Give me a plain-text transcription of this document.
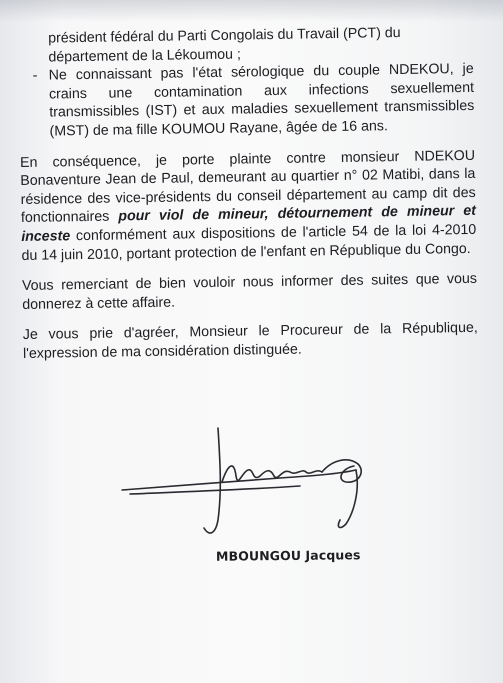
président fédéral du Parti Congolais du Travail (PCT) du

département de la Lékoumou ;

- Ne connaissant pas l'état sérologique du couple NDEKOU, je crains une contamination aux infections sexuellement transmissibles (IST) et aux maladies sexuellement transmissibles (MST) de ma fille KOUMOU Rayane, âgée de 16 ans.

En conséquence, je porte plainte contre monsieur NDEKOU Bonaventure Jean de Paul, demeurant au quartier n° 02 Matibi, dans la résidence des vice-présidents du conseil département au camp dit des fonctionnaires pour viol de mineur, détournement de mineur et inceste conformément aux dispositions de l'article 54 de la loi 4-2010 du 14 juin 2010, portant protection de l'enfant en République du Congo.

Vous remerciant de bien vouloir nous informer des suites que vous donnerez à cette affaire.

Je vous prie d'agréer, Monsieur le Procureur de la République, l'expression de ma considération distinguée.

MBOUNGOU Jacques
